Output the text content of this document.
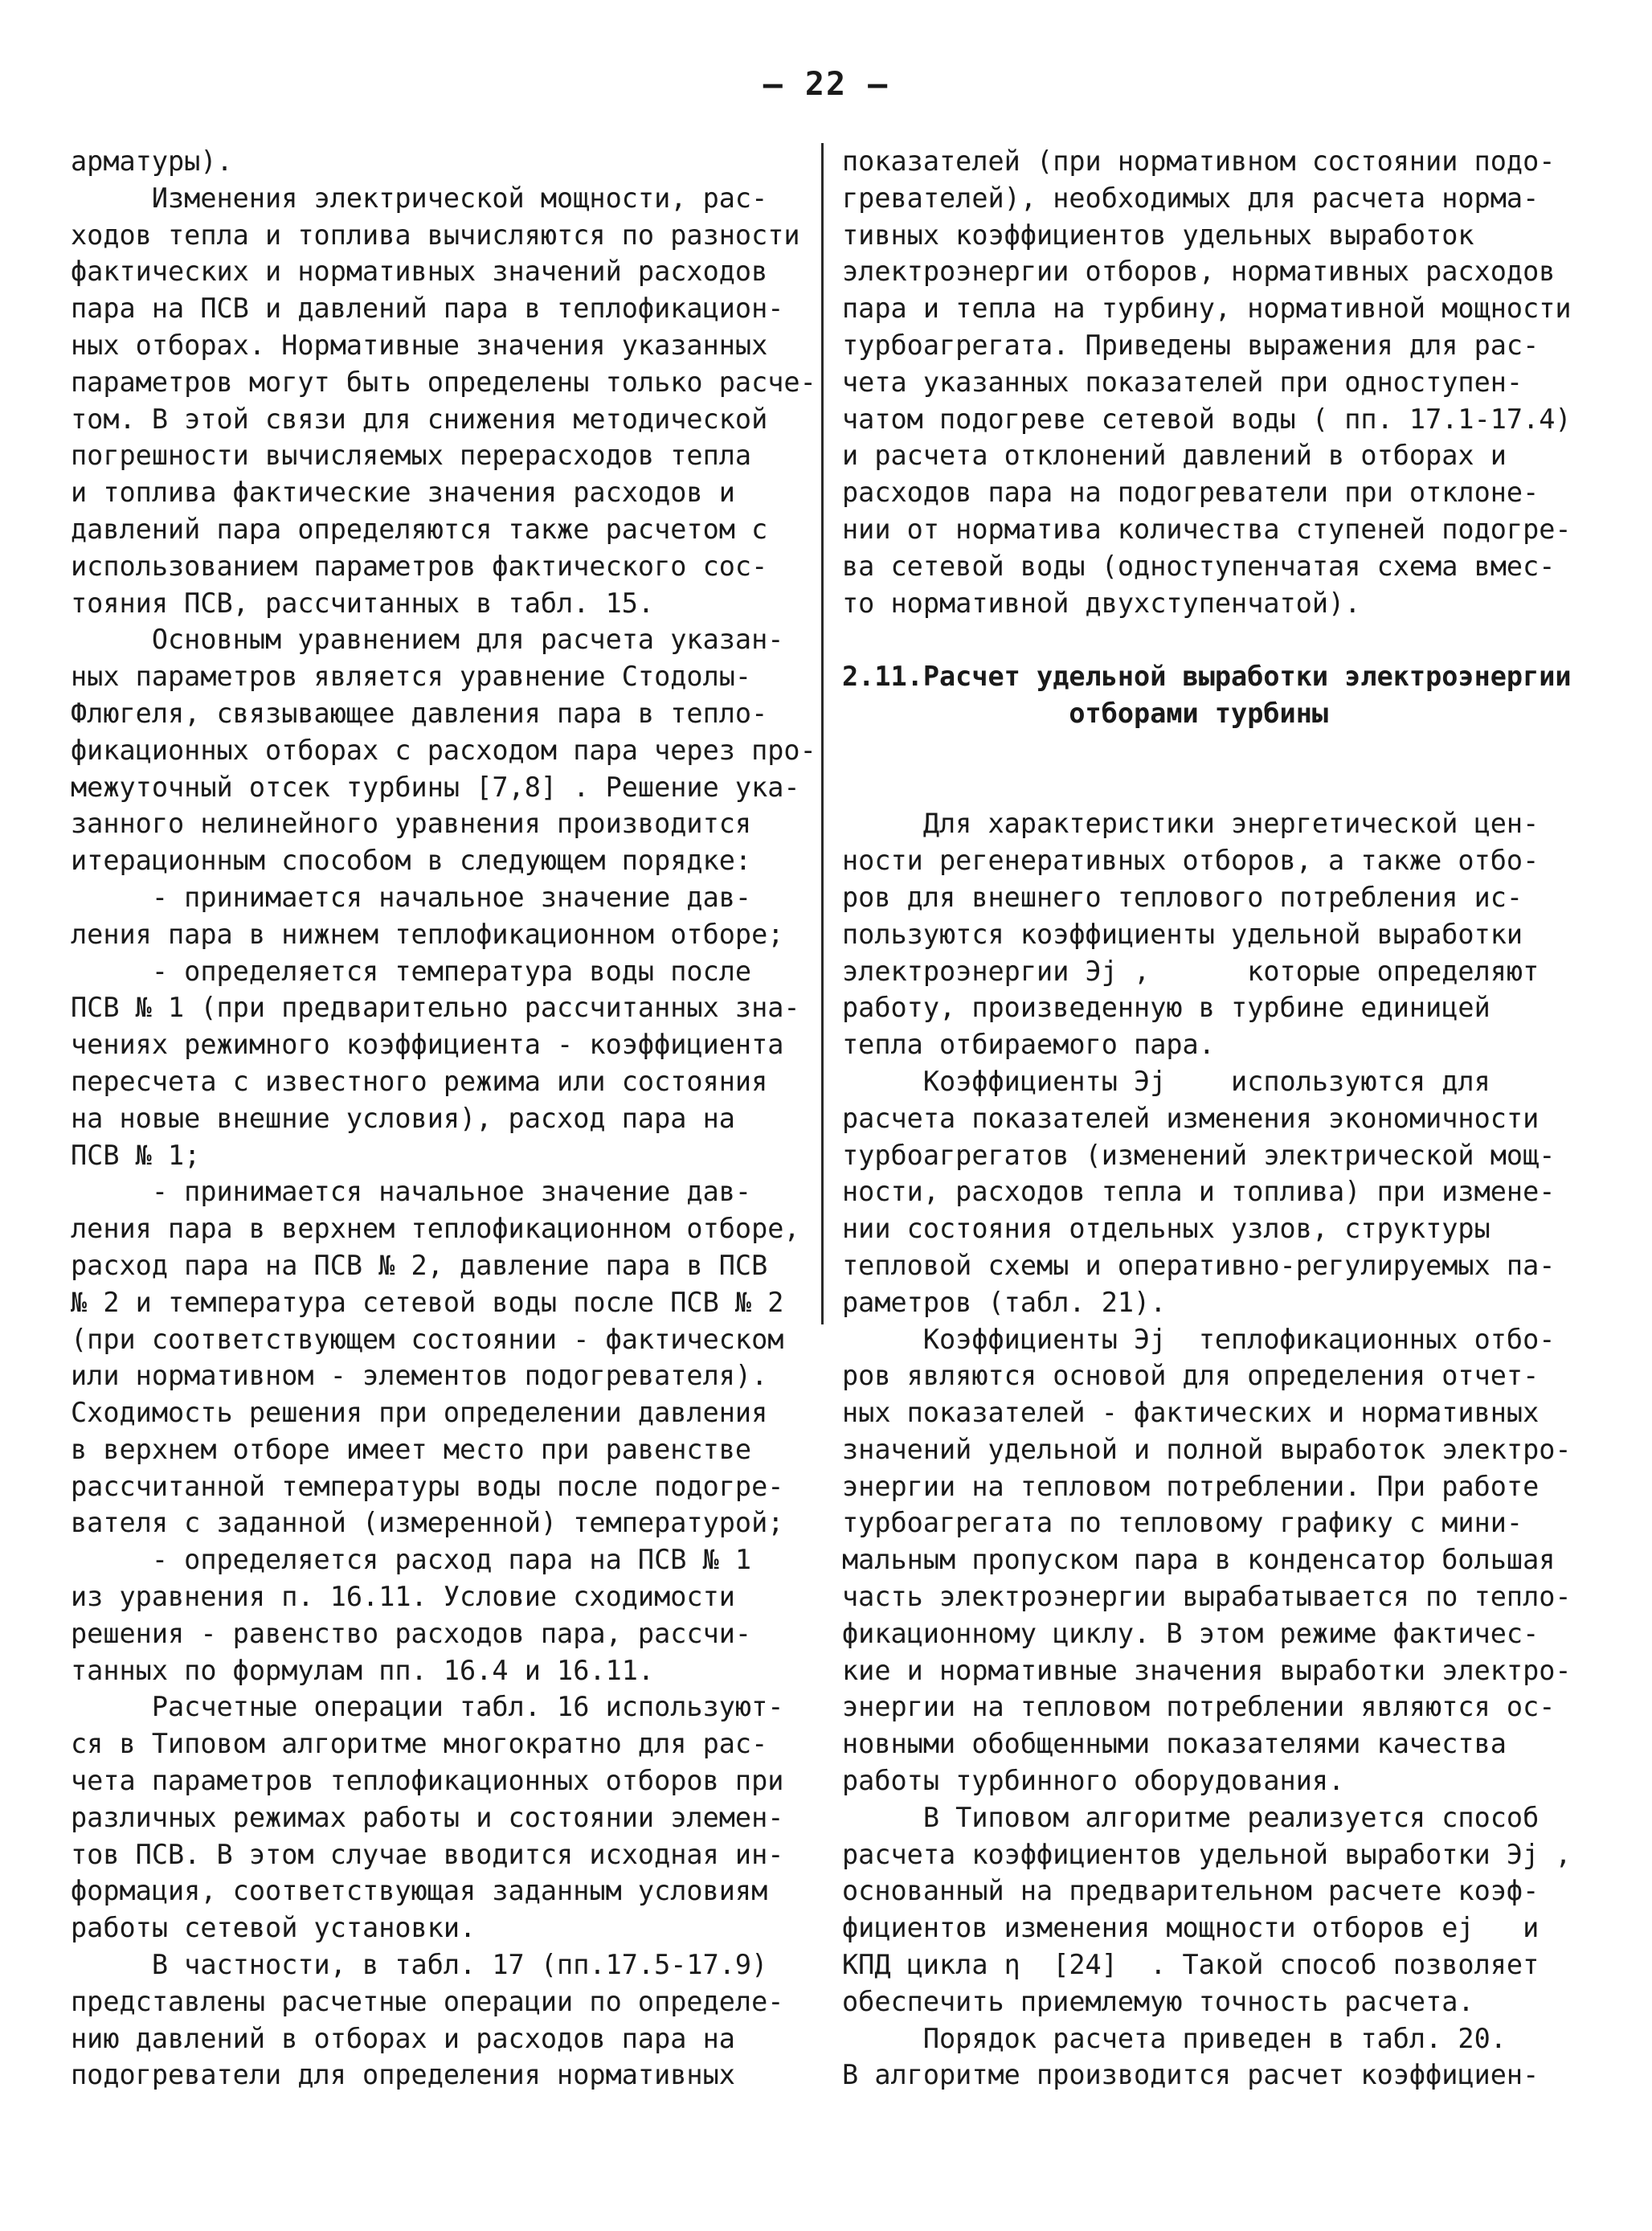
– 22 –
арматуры).
Изменения электрической мощности, рас-
ходов тепла и топлива вычисляются по разности
фактических и нормативных значений расходов
пара на ПСВ и давлений пара в теплофикацион-
ных отборах. Нормативные значения указанных
параметров могут быть определены только расче-
том. В этой связи для снижения методической
погрешности вычисляемых перерасходов тепла
и топлива фактические значения расходов и
давлений пара определяются также расчетом с
использованием параметров фактического сос-
тояния ПСВ, рассчитанных в табл. 15.
Основным уравнением для расчета указан-
ных параметров является уравнение Стодолы-
Флюгеля, связывающее давления пара в тепло-
фикационных отборах с расходом пара через про-
межуточный отсек турбины [7,8] . Решение ука-
занного нелинейного уравнения производится
итерационным способом в следующем порядке:
- принимается начальное значение дав-
ления пара в нижнем теплофикационном отборе;
- определяется температура воды после
ПСВ № 1 (при предварительно рассчитанных зна-
чениях режимного коэффициента - коэффициента
пересчета с известного режима или состояния
на новые внешние условия), расход пара на
ПСВ № 1;
- принимается начальное значение дав-
ления пара в верхнем теплофикационном отборе,
расход пара на ПСВ № 2, давление пара в ПСВ
№ 2 и температура сетевой воды после ПСВ № 2
(при соответствующем состоянии - фактическом
или нормативном - элементов подогревателя).
Сходимость решения при определении давления
в верхнем отборе имеет место при равенстве
рассчитанной температуры воды после подогре-
вателя с заданной (измеренной) температурой;
- определяется расход пара на ПСВ № 1
из уравнения п. 16.11. Условие сходимости
решения - равенство расходов пара, рассчи-
танных по формулам пп. 16.4 и 16.11.
Расчетные операции табл. 16 используют-
ся в Типовом алгоритме многократно для рас-
чета параметров теплофикационных отборов при
различных режимах работы и состоянии элемен-
тов ПСВ. В этом случае вводится исходная ин-
формация, соответствующая заданным условиям
работы сетевой установки.
В частности, в табл. 17 (пп.17.5-17.9)
представлены расчетные операции по определе-
нию давлений в отборах и расходов пара на
подогреватели для определения нормативных
показателей (при нормативном состоянии подо-
гревателей), необходимых для расчета норма-
тивных коэффициентов удельных выработок
электроэнергии отборов, нормативных расходов
пара и тепла на турбину, нормативной мощности
турбоагрегата. Приведены выражения для рас-
чета указанных показателей при одноступен-
чатом подогреве сетевой воды ( пп. 17.1-17.4)
и расчета отклонений давлений в отборах и
расходов пара на подогреватели при отклоне-
нии от норматива количества ступеней подогре-
ва сетевой воды (одноступенчатая схема вмес-
то нормативной двухступенчатой).
2.11.Расчет удельной выработки электроэнергии
отборами турбины
Для характеристики энергетической цен-
ности регенеративных отборов, а также отбо-
ров для внешнего теплового потребления ис-
пользуются коэффициенты удельной выработки
электроэнергии Эj ,      которые определяют
работу, произведенную в турбине единицей
тепла отбираемого пара.
Коэффициенты Эj    используются для
расчета показателей изменения экономичности
турбоагрегатов (изменений электрической мощ-
ности, расходов тепла и топлива) при измене-
нии состояния отдельных узлов, структуры
тепловой схемы и оперативно-регулируемых па-
раметров (табл. 21).
Коэффициенты Эj  теплофикационных отбо-
ров являются основой для определения отчет-
ных показателей - фактических и нормативных
значений удельной и полной выработок электро-
энергии на тепловом потреблении. При работе
турбоагрегата по тепловому графику с мини-
мальным пропуском пара в конденсатор большая
часть электроэнергии вырабатывается по тепло-
фикационному циклу. В этом режиме фактичес-
кие и нормативные значения выработки электро-
энергии на тепловом потреблении являются ос-
новными обобщенными показателями качества
работы турбинного оборудования.
В Типовом алгоритме реализуется способ
расчета коэффициентов удельной выработки Эj ,
основанный на предварительном расчете коэф-
фициентов изменения мощности отборов ej   и
КПД цикла η  [24]  . Такой способ позволяет
обеспечить приемлемую точность расчета.
Порядок расчета приведен в табл. 20.
В алгоритме производится расчет коэффициен-
